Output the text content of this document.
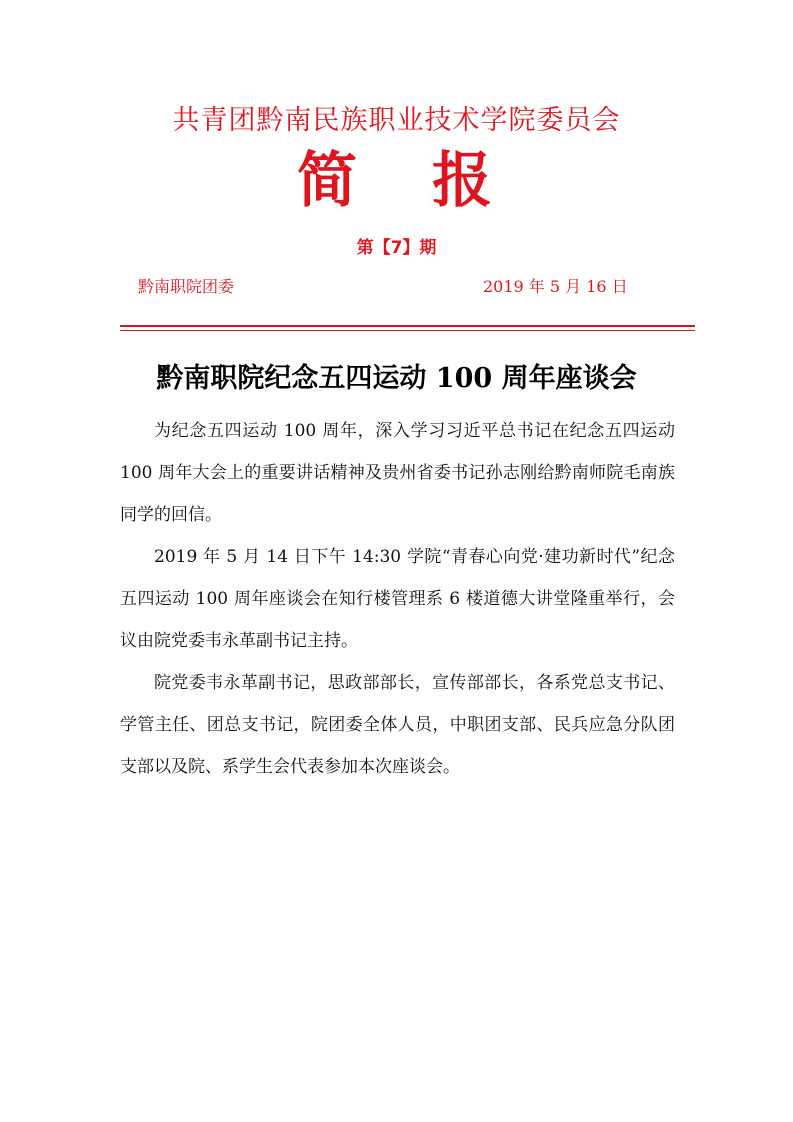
共青团黔南民族职业技术学院委员会
简 报
第【7】期
黔南职院团委	2019 年 5 月 16 日
黔南职院纪念五四运动 100 周年座谈会

为纪念五四运动 100 周年，深入学习习近平总书记在纪念五四运动 100 周年大会上的重要讲话精神及贵州省委书记孙志刚给黔南师院毛南族同学的回信。

2019 年 5 月 14 日下午 14:30 学院“青春心向党·建功新时代”纪念五四运动 100 周年座谈会在知行楼管理系 6 楼道德大讲堂隆重举行，会议由院党委韦永革副书记主持。

院党委韦永革副书记，思政部部长，宣传部部长，各系党总支书记、学管主任、团总支书记，院团委全体人员，中职团支部、民兵应急分队团支部以及院、系学生会代表参加本次座谈会。
